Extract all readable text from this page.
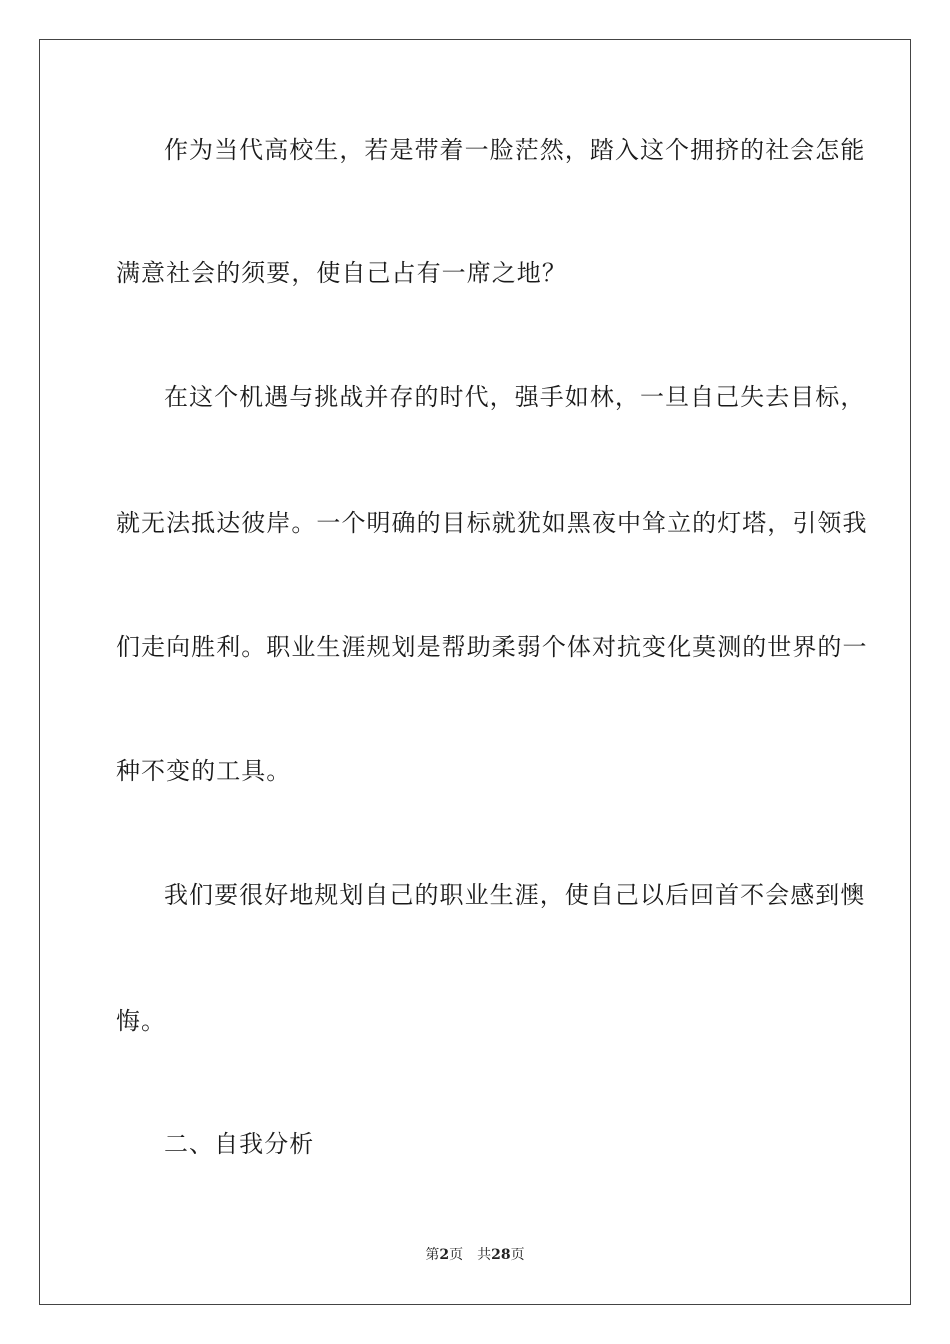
作为当代高校生，若是带着一脸茫然，踏入这个拥挤的社会怎能
满意社会的须要，使自己占有一席之地？
在这个机遇与挑战并存的时代，强手如林，一旦自己失去目标，
就无法抵达彼岸。一个明确的目标就犹如黑夜中耸立的灯塔，引领我
们走向胜利。职业生涯规划是帮助柔弱个体对抗变化莫测的世界的一
种不变的工具。
我们要很好地规划自己的职业生涯，使自己以后回首不会感到懊
悔。
二、自我分析
第2页 共28页
